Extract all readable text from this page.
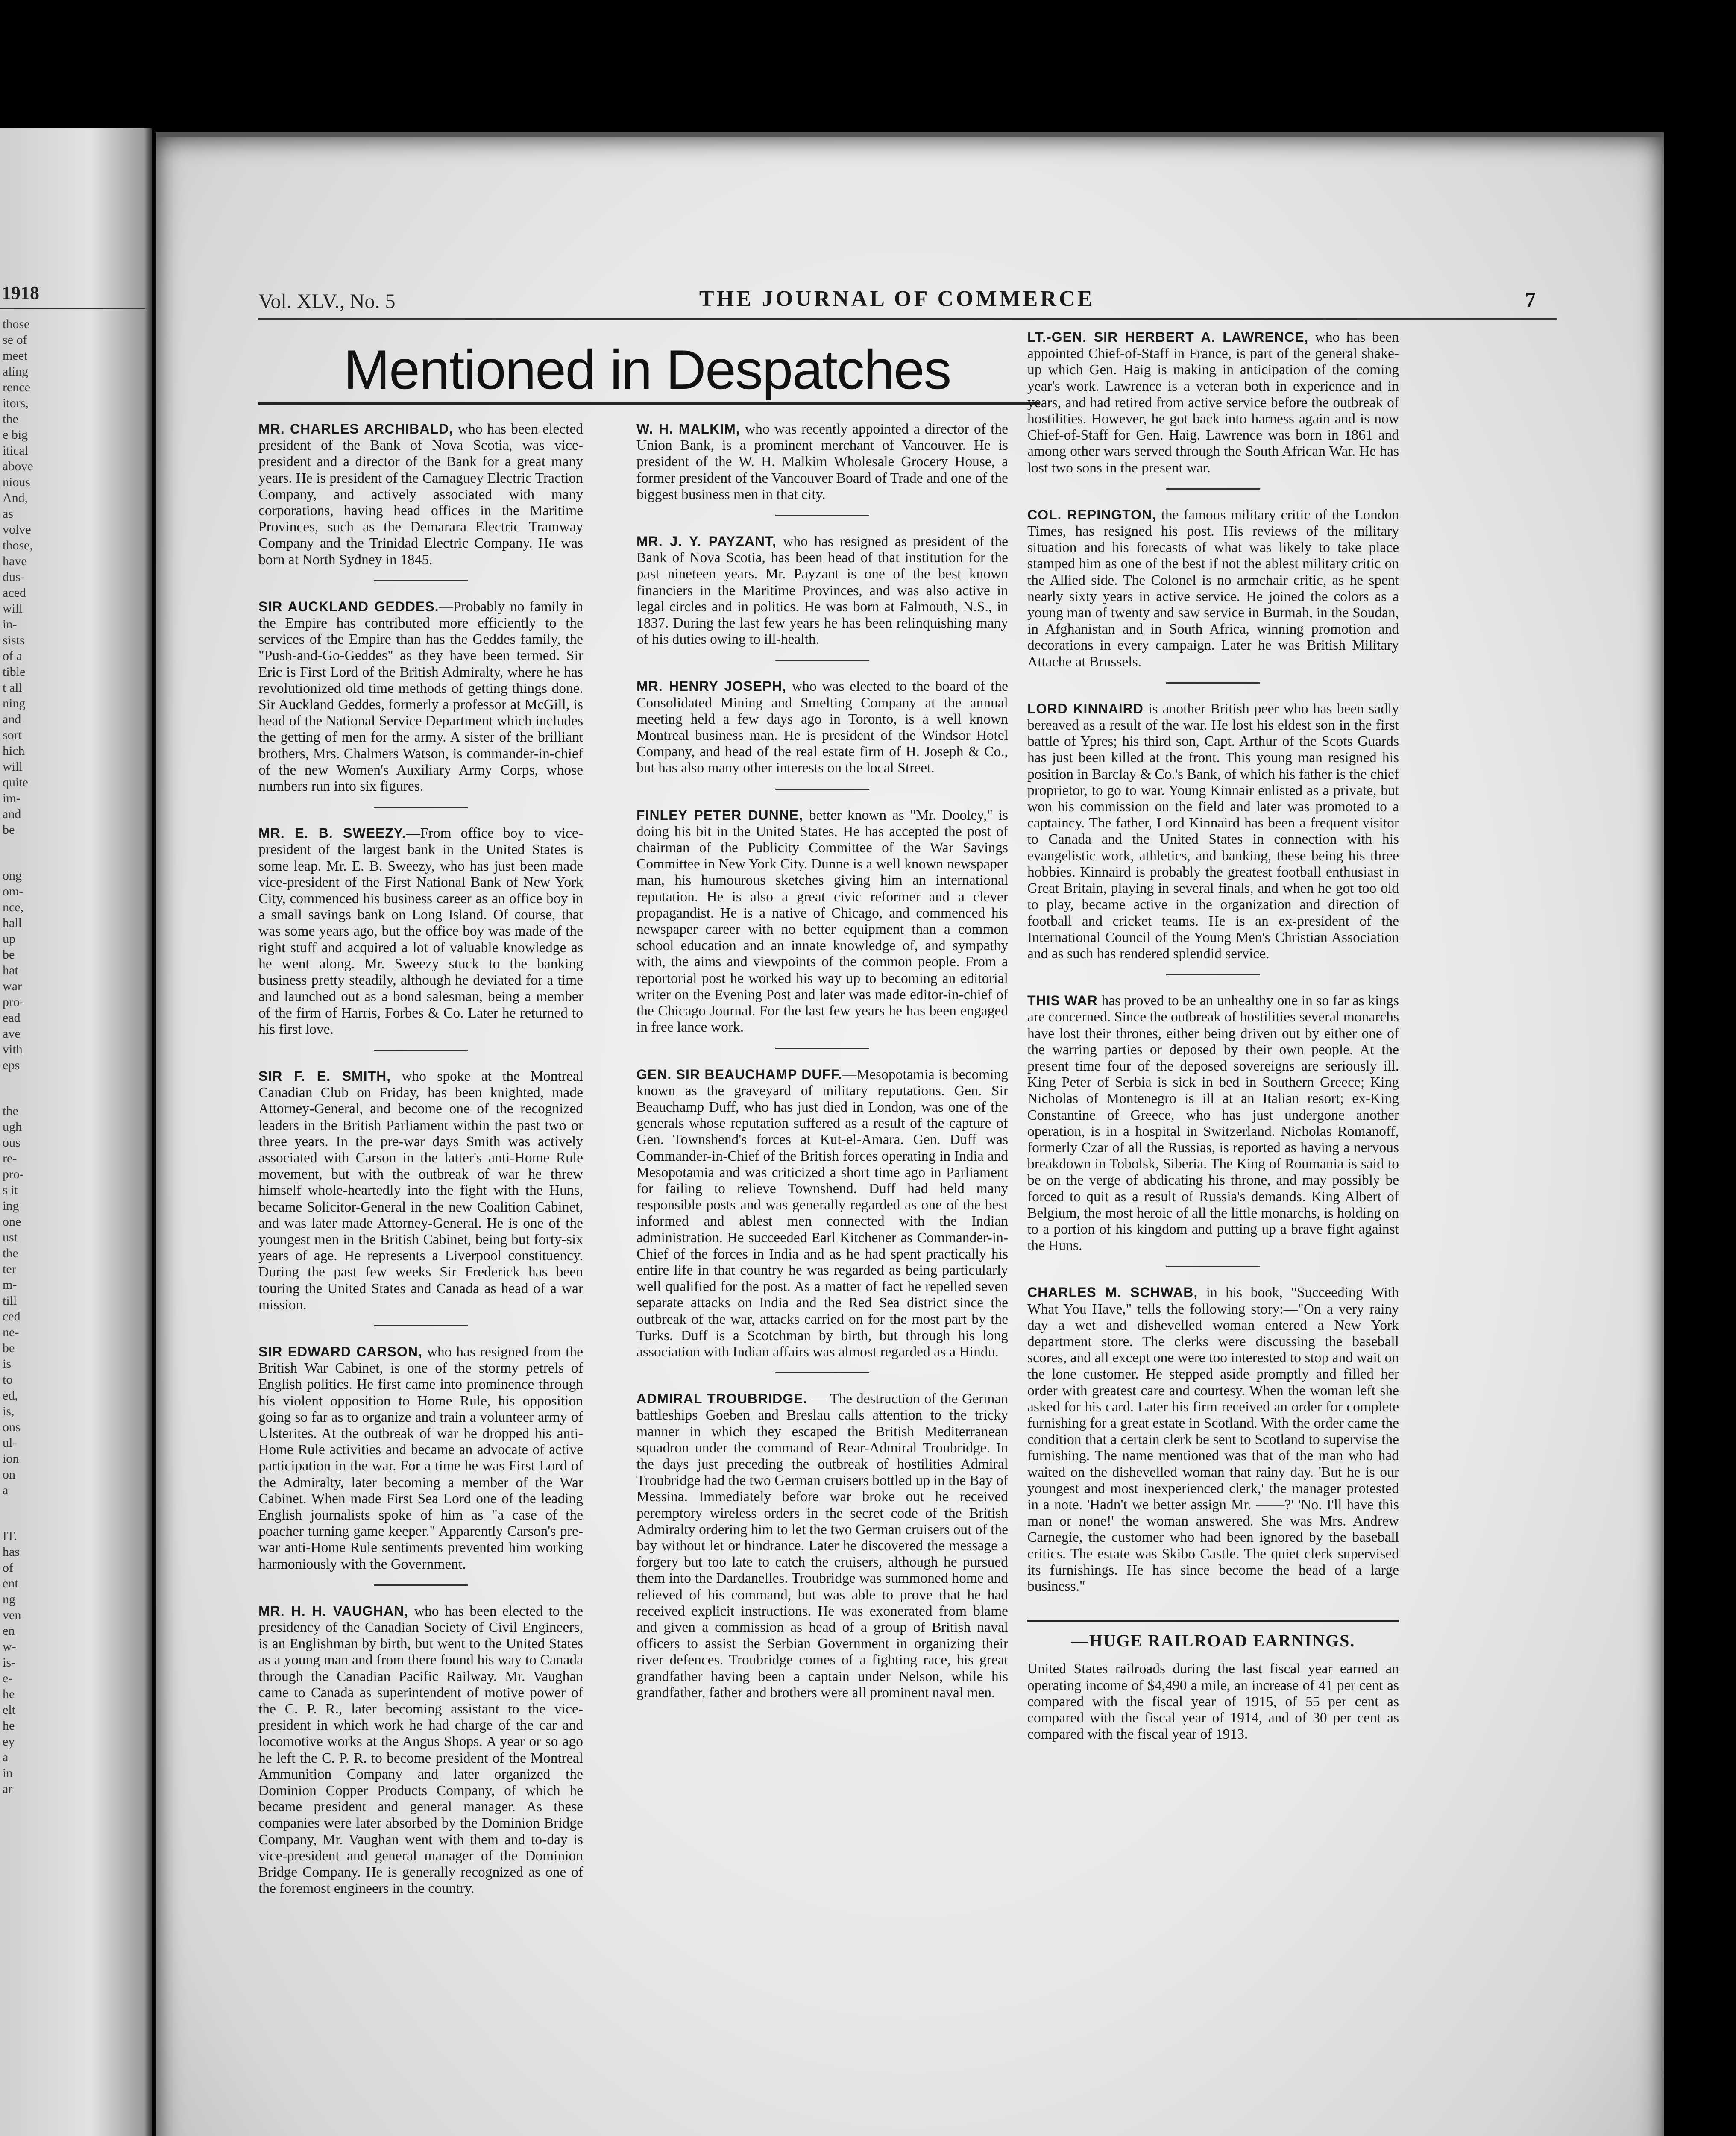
1918
those
se of
meet
aling
rence
itors,
the
e big
itical
above
nious
And,
as
volve
those,
have
dus-
aced
will
in-
sists
of a
tible
t all
ning
and
sort
hich
will
quite
im-
and
be
ong
om-
nce,
hall
up
be
hat
war
pro-
ead
ave
vith
eps
the
ugh
ous
re-
pro-
s it
ing
one
ust
the
ter
m-
till
ced
ne-
be
is
to
ed,
is,
ons
ul-
ion
on
a
IT.
has
of
ent
ng
ven
en
w-
is-
e-
he
elt
he
ey
a
in
ar
Vol. XLV., No. 5	THE JOURNAL OF COMMERCE	7
Mentioned in Despatches

MR. CHARLES ARCHIBALD, who has been elected president of the Bank of Nova Scotia, was vice-president and a director of the Bank for a great many years. He is president of the Camaguey Electric Traction Company, and actively associated with many corporations, having head offices in the Maritime Provinces, such as the Demarara Electric Tramway Company and the Trinidad Electric Company. He was born at North Sydney in 1845.

SIR AUCKLAND GEDDES.—Probably no family in the Empire has contributed more efficiently to the services of the Empire than has the Geddes family, the "Push-and-Go-Geddes" as they have been termed. Sir Eric is First Lord of the British Admiralty, where he has revolutionized old time methods of getting things done. Sir Auckland Geddes, formerly a professor at McGill, is head of the National Service Department which includes the getting of men for the army. A sister of the brilliant brothers, Mrs. Chalmers Watson, is commander-in-chief of the new Women's Auxiliary Army Corps, whose numbers run into six figures.

MR. E. B. SWEEZY.—From office boy to vice-president of the largest bank in the United States is some leap. Mr. E. B. Sweezy, who has just been made vice-president of the First National Bank of New York City, commenced his business career as an office boy in a small savings bank on Long Island. Of course, that was some years ago, but the office boy was made of the right stuff and acquired a lot of valuable knowledge as he went along. Mr. Sweezy stuck to the banking business pretty steadily, although he deviated for a time and launched out as a bond salesman, being a member of the firm of Harris, Forbes & Co. Later he returned to his first love.

SIR F. E. SMITH, who spoke at the Montreal Canadian Club on Friday, has been knighted, made Attorney-General, and become one of the recognized leaders in the British Parliament within the past two or three years. In the pre-war days Smith was actively associated with Carson in the latter's anti-Home Rule movement, but with the outbreak of war he threw himself whole-heartedly into the fight with the Huns, became Solicitor-General in the new Coalition Cabinet, and was later made Attorney-General. He is one of the youngest men in the British Cabinet, being but forty-six years of age. He represents a Liverpool constituency. During the past few weeks Sir Frederick has been touring the United States and Canada as head of a war mission.

SIR EDWARD CARSON, who has resigned from the British War Cabinet, is one of the stormy petrels of English politics. He first came into prominence through his violent opposition to Home Rule, his opposition going so far as to organize and train a volunteer army of Ulsterites. At the outbreak of war he dropped his anti-Home Rule activities and became an advocate of active participation in the war. For a time he was First Lord of the Admiralty, later becoming a member of the War Cabinet. When made First Sea Lord one of the leading English journalists spoke of him as "a case of the poacher turning game keeper." Apparently Carson's pre-war anti-Home Rule sentiments prevented him working harmoniously with the Government.

MR. H. H. VAUGHAN, who has been elected to the presidency of the Canadian Society of Civil Engineers, is an Englishman by birth, but went to the United States as a young man and from there found his way to Canada through the Canadian Pacific Railway. Mr. Vaughan came to Canada as superintendent of motive power of the C. P. R., later becoming assistant to the vice-president in which work he had charge of the car and locomotive works at the Angus Shops. A year or so ago he left the C. P. R. to become president of the Montreal Ammunition Company and later organized the Dominion Copper Products Company, of which he became president and general manager. As these companies were later absorbed by the Dominion Bridge Company, Mr. Vaughan went with them and to-day is vice-president and general manager of the Dominion Bridge Company. He is generally recognized as one of the foremost engineers in the country.

W. H. MALKIM, who was recently appointed a director of the Union Bank, is a prominent merchant of Vancouver. He is president of the W. H. Malkim Wholesale Grocery House, a former president of the Vancouver Board of Trade and one of the biggest business men in that city.

MR. J. Y. PAYZANT, who has resigned as president of the Bank of Nova Scotia, has been head of that institution for the past nineteen years. Mr. Payzant is one of the best known financiers in the Maritime Provinces, and was also active in legal circles and in politics. He was born at Falmouth, N.S., in 1837. During the last few years he has been relinquishing many of his duties owing to ill-health.

MR. HENRY JOSEPH, who was elected to the board of the Consolidated Mining and Smelting Company at the annual meeting held a few days ago in Toronto, is a well known Montreal business man. He is president of the Windsor Hotel Company, and head of the real estate firm of H. Joseph & Co., but has also many other interests on the local Street.

FINLEY PETER DUNNE, better known as "Mr. Dooley," is doing his bit in the United States. He has accepted the post of chairman of the Publicity Committee of the War Savings Committee in New York City. Dunne is a well known newspaper man, his humourous sketches giving him an international reputation. He is also a great civic reformer and a clever propagandist. He is a native of Chicago, and commenced his newspaper career with no better equipment than a common school education and an innate knowledge of, and sympathy with, the aims and viewpoints of the common people. From a reportorial post he worked his way up to becoming an editorial writer on the Evening Post and later was made editor-in-chief of the Chicago Journal. For the last few years he has been engaged in free lance work.

GEN. SIR BEAUCHAMP DUFF.—Mesopotamia is becoming known as the graveyard of military reputations. Gen. Sir Beauchamp Duff, who has just died in London, was one of the generals whose reputation suffered as a result of the capture of Gen. Townshend's forces at Kut-el-Amara. Gen. Duff was Commander-in-Chief of the British forces operating in India and Mesopotamia and was criticized a short time ago in Parliament for failing to relieve Townshend. Duff had held many responsible posts and was generally regarded as one of the best informed and ablest men connected with the Indian administration. He succeeded Earl Kitchener as Commander-in-Chief of the forces in India and as he had spent practically his entire life in that country he was regarded as being particularly well qualified for the post. As a matter of fact he repelled seven separate attacks on India and the Red Sea district since the outbreak of the war, attacks carried on for the most part by the Turks. Duff is a Scotchman by birth, but through his long association with Indian affairs was almost regarded as a Hindu.

ADMIRAL TROUBRIDGE. — The destruction of the German battleships Goeben and Breslau calls attention to the tricky manner in which they escaped the British Mediterranean squadron under the command of Rear-Admiral Troubridge. In the days just preceding the outbreak of hostilities Admiral Troubridge had the two German cruisers bottled up in the Bay of Messina. Immediately before war broke out he received peremptory wireless orders in the secret code of the British Admiralty ordering him to let the two German cruisers out of the bay without let or hindrance. Later he discovered the message a forgery but too late to catch the cruisers, although he pursued them into the Dardanelles. Troubridge was summoned home and relieved of his command, but was able to prove that he had received explicit instructions. He was exonerated from blame and given a commission as head of a group of British naval officers to assist the Serbian Government in organizing their river defences. Troubridge comes of a fighting race, his great grandfather having been a captain under Nelson, while his grandfather, father and brothers were all prominent naval men.

LT.-GEN. SIR HERBERT A. LAWRENCE, who has been appointed Chief-of-Staff in France, is part of the general shake-up which Gen. Haig is making in anticipation of the coming year's work. Lawrence is a veteran both in experience and in years, and had retired from active service before the outbreak of hostilities. However, he got back into harness again and is now Chief-of-Staff for Gen. Haig. Lawrence was born in 1861 and among other wars served through the South African War. He has lost two sons in the present war.

COL. REPINGTON, the famous military critic of the London Times, has resigned his post. His reviews of the military situation and his forecasts of what was likely to take place stamped him as one of the best if not the ablest military critic on the Allied side. The Colonel is no armchair critic, as he spent nearly sixty years in active service. He joined the colors as a young man of twenty and saw service in Burmah, in the Soudan, in Afghanistan and in South Africa, winning promotion and decorations in every campaign. Later he was British Military Attache at Brussels.

LORD KINNAIRD is another British peer who has been sadly bereaved as a result of the war. He lost his eldest son in the first battle of Ypres; his third son, Capt. Arthur of the Scots Guards has just been killed at the front. This young man resigned his position in Barclay & Co.'s Bank, of which his father is the chief proprietor, to go to war. Young Kinnair enlisted as a private, but won his commission on the field and later was promoted to a captaincy. The father, Lord Kinnaird has been a frequent visitor to Canada and the United States in connection with his evangelistic work, athletics, and banking, these being his three hobbies. Kinnaird is probably the greatest football enthusiast in Great Britain, playing in several finals, and when he got too old to play, became active in the organization and direction of football and cricket teams. He is an ex-president of the International Council of the Young Men's Christian Association and as such has rendered splendid service.

THIS WAR has proved to be an unhealthy one in so far as kings are concerned. Since the outbreak of hostilities several monarchs have lost their thrones, either being driven out by either one of the warring parties or deposed by their own people. At the present time four of the deposed sovereigns are seriously ill. King Peter of Serbia is sick in bed in Southern Greece; King Nicholas of Montenegro is ill at an Italian resort; ex-King Constantine of Greece, who has just undergone another operation, is in a hospital in Switzerland. Nicholas Romanoff, formerly Czar of all the Russias, is reported as having a nervous breakdown in Tobolsk, Siberia. The King of Roumania is said to be on the verge of abdicating his throne, and may possibly be forced to quit as a result of Russia's demands. King Albert of Belgium, the most heroic of all the little monarchs, is holding on to a portion of his kingdom and putting up a brave fight against the Huns.

CHARLES M. SCHWAB, in his book, "Succeeding With What You Have," tells the following story:—"On a very rainy day a wet and dishevelled woman entered a New York department store. The clerks were discussing the baseball scores, and all except one were too interested to stop and wait on the lone customer. He stepped aside promptly and filled her order with greatest care and courtesy. When the woman left she asked for his card. Later his firm received an order for complete furnishing for a great estate in Scotland. With the order came the condition that a certain clerk be sent to Scotland to supervise the furnishing. The name mentioned was that of the man who had waited on the dishevelled woman that rainy day. 'But he is our youngest and most inexperienced clerk,' the manager protested in a note. 'Hadn't we better assign Mr. ——?' 'No. I'll have this man or none!' the woman answered. She was Mrs. Andrew Carnegie, the customer who had been ignored by the baseball critics. The estate was Skibo Castle. The quiet clerk supervised its furnishings. He has since become the head of a large business."

—HUGE RAILROAD EARNINGS.

United States railroads during the last fiscal year earned an operating income of $4,490 a mile, an increase of 41 per cent as compared with the fiscal year of 1915, of 55 per cent as compared with the fiscal year of 1914, and of 30 per cent as compared with the fiscal year of 1913.
